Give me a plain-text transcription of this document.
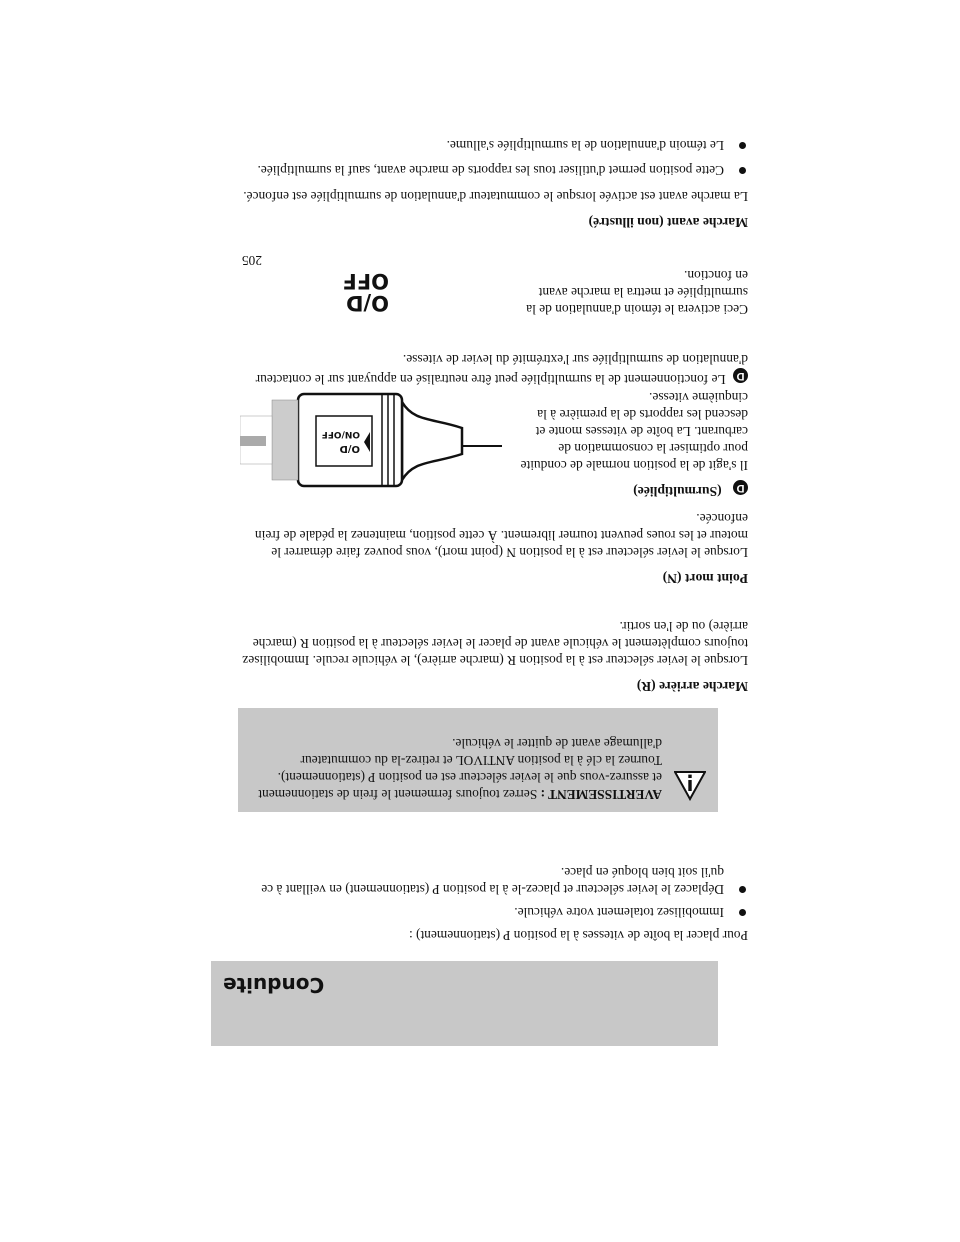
Conduite

Pour placer la boîte de vitesses à la position P (stationnement) :

Immobilisez totalement votre véhicule.
Déplacez le levier sélecteur et placez-le à la position P (stationnement) en veillant à ce qu'il soit bien bloqué en place.
AVERTISSEMENT : Serrez toujours fermement le frein de stationnement et assurez-vous que le levier sélecteur est en position P (stationnement). Tournez la clé à la position ANTIVOL et retirez-la du commutateur d'allumage avant de quitter le véhicule.
Marche arrière (R)

Lorsque le levier sélecteur est à la position R (marche arrière), le véhicule recule. Immobilisez toujours complètement le véhicule avant de placer le levier sélecteur à la position R (marche arrière) ou de l'en sortir.

Point mort (N)

Lorsque le levier sélecteur est à la position N (point mort), vous pouvez faire démarrer le moteur et les roues peuvent tourner librement. À cette position, maintenez la pédale de frein enfoncée.

D (Surmultipliée)
Il s'agit de la position normale de conduite pour optimiser la consommation de carburant. La boîte de vitesses monte et descend les rapports de la première à la cinquième vitesse.
O/D
ON/OFF
D Le fonctionnement de la surmultipliée peut être neutralisé en appuyant sur le contacteur d'annulation de surmultipliée sur l'extrémité du levier de vitesse.
Ceci activera le témoin d'annulation de la surmultipliée et mettra la marche avant en fonction.
O/D
OFF
Marche avant (non illustré)

La marche avant est activée lorsque le commutateur d'annulation de surmultipliée est enfoncé.

Cette position permet d'utiliser tous les rapports de marche avant, sauf la surmultipliée.
Le témoin d'annulation de la surmultipliée s'allume.
205
